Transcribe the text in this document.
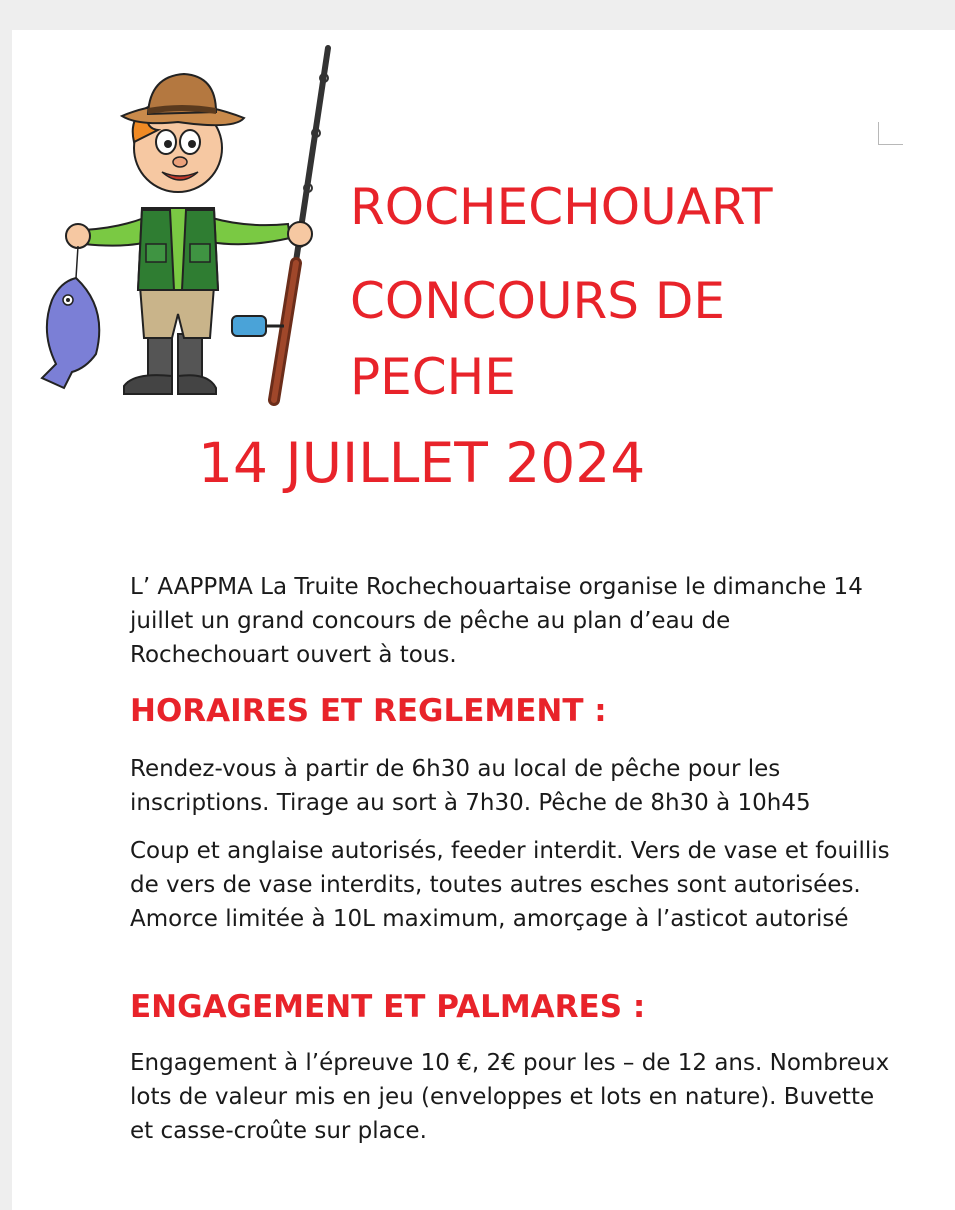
ROCHECHOUART
CONCOURS DE
PECHE
14 JUILLET 2024
L’ AAPPMA La Truite Rochechouartaise organise le dimanche 14 juillet un grand concours de pêche au plan d’eau de Rochechouart ouvert à tous.
HORAIRES ET REGLEMENT :
Rendez-vous à partir de 6h30 au local de pêche pour les inscriptions. Tirage au sort à 7h30. Pêche de 8h30 à 10h45
Coup et anglaise autorisés, feeder interdit. Vers de vase et fouillis de vers de vase interdits, toutes autres esches sont autorisées. Amorce limitée à 10L maximum, amorçage à l’asticot autorisé
ENGAGEMENT ET PALMARES :
Engagement à l’épreuve 10 €, 2€ pour les – de 12 ans. Nombreux lots de valeur mis en jeu (enveloppes et lots en nature). Buvette et casse-croûte sur place.
